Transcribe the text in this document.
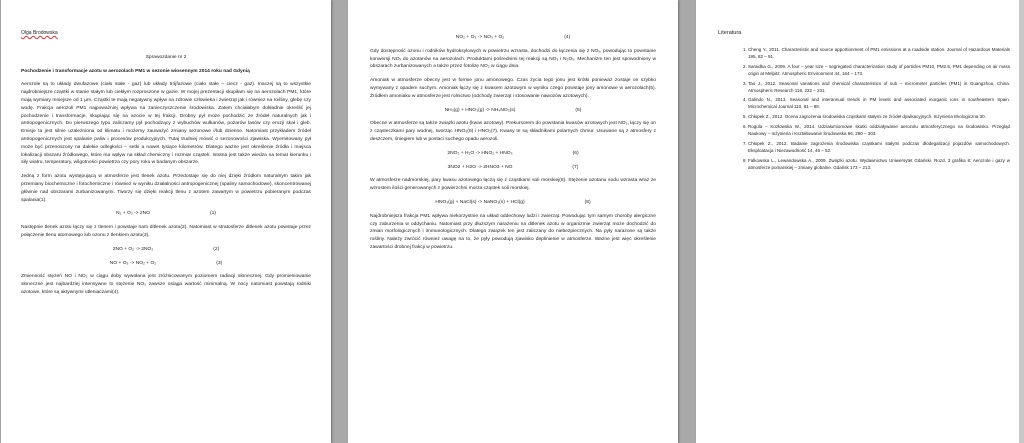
Olga Brodowska
Sprawozdanie nr 2
Pochodzenie i transformacje azotu w aerozolach PM1 w sezonie wiosennym 2014 roku nad Gdynią

Aerozole są to układy dwufazowe (ciało stałe - gaz) lub układy trójfazowe (ciało stałe – ciecz - gaz). Inaczej są to wszystkie najdrobniejsze cząstki w stanie stałym lub ciekłym rozproszone w gazie. W mojej prezentacji skupiłam się na aerozolach PM1, które mają wymiary mniejsze od 1 µm. Cząstki te mają negatywny wpływ na zdrowie człowieka i zwierząt jak i równiez na rośliny, glebę czy wodę. Frakcja aerozoli PM1 najpoważniej wpływa na zanieczyszczenie środowiska. Zatem chciałabym dokładnie określić jej pochodzenie i transformacje, skupiając się na azocie w tej frakcji. Drobny pył może pochodzić ze źródeł naturalnych jak i antropogenicznych. Do pierwszego typu zaliczamy pył pochodzący z wybuchów wulkanów, pożarów lasów czy erozji skał i gleb. Emisje ta jest silnie uzależniona od klimatu i możemy zauważyć zmiany sezonowe i/lub dzienne. Natomiast przykładem źródeł antropogenicznych jest spalanie paliw i procesów produkcyjnych. Tutaj trudniej mówić o sezonowości zjawiska. Wyemitowany pył może być przenoszony na dalekie odległości – setki a nawet tysiące kilometrów. Dlatego ważne jest określenie źródła i miejsca lokalizacji obszaru źródłowego, które ma wpływ na skład chemiczny i rozmiar cząstek. Istotna jest także wiedza na temat kierunku i siły wiatru, temperatury, wilgotności powietrza czy pory roku w badanym obszarze.

Jedną z form azotu występującą w atmosferze jest tlenek azotu. Przedostaje się do niej dzięki źródłom naturalnym takim jak przemiany biochemiczne i fotochemiczne i również w wyniku działalności antropogenicznej (spaliny samochodowe), skoncentrowanej głównie nad obszarami zurbanizowanymi. Tworzy się dzięki reakcji tlenu z azotem zawartym w powietrzu pobieranym podczas spalania(1).

N₂ + O₂ -> 2NO	(1)

Następnie tlenek azotu łączy się z tlenem i powstaje nam ditlenek azotu(2). Natomiast w stratosferze ditlenek azotu powstaje przez połączenie tlenu atomowego lub ozonu z tlenkiem azotu(3).

2NO + O₂ -> 2NO₂	(2)
NO + O₃ -> NO₂ + O₂	(3)

Zmienność stężeń NO i NO₂ w ciągu doby wywołana jest zróżnicowanym poziomem radiacji słonecznej. Gdy promieniowanie słoneczne jest najbardziej intensywne to stężenie NO₂ zawsze osiąga wartość minimalną. W nocy natomiast powstają rodniki azotowe, które są aktywnymi utleniaczami(4).

NO₂ + O₃ -> NO₃ + O₂	(4)

Gdy dostępność ozonu i rodników hydroksylowych w powietrzu wzrasta, dochodzi do łączenia się z NOₓ, powodując to powstanie konwersji NOₓ do azotanów na aerozolach. Produktami pośrednimi tej reakcji są NO₃ i N₂O₅. Mechanizm ten jest spowodniony w obszarach zurbanizowanych a także przez fotolizę NO₂ w ciągu dnia.

Amoniak w atmosferze obecny jest w formie jonu amonowego. Czas życia tego jonu jest krótki ponieważ zostaje on szybko wymywany z opadem suchym. Amoniak łączy się z kwasem azotowym w wyniku czego powstaje jony amonowe w aerozolach(5). Źródłem amoniaku w atmosferze jest rolnictwo (odchody zwierząt i stosowanie nawozów azotowych).

NH₃(g) + HNO₃(g) -> NH₄NO₃(s)	(5)

Obecne w atmosferze są także związki azotu (kwas azotowy). Prekursorem do powstania kwasów azotowych jest NO₂, łączy się on z cząsteczkami pary wodnej, tworząc HNO₃(6) i HNO₂(7). Kwasy te są składnikami polarnych chmur. Usuwane są z atmosfery z deszczem, śniegiem lub w postaci suchego opadu aerozoli.

2NO₂ + H₂O -> HNO₂ + HNO₃	(6)
3NO2 + H2O -> 2HNO3 + NO	(7)

W atmosferze nadmorskiej, pary kwasu azotowego łączą się z cząstkami soli morskiej(8). Stężenie azotanu sodu wzrasta wraz ze wzrostem ilości generowanych z powierzchni morza cząstek soli morskiej.

HNO₃(g) + NaCl(s) -> NaNO₃(s) + HCl(g)	(8)

Najdrobniejsza frakcja PM1 wpływa niekorzystnie na układ oddechowy ludzi i zwierząt. Powodując tym samym choroby alergiczne czy zaburzenia w oddychaniu. Natomiast przy dłuższym narażeniu na ditlenek azotu w organizmie zwierząt może dochodzić do zmian morfologicznych i immunologicznych. Dlatego związek ten jest zaliczany do niebezpiecznych. Na pyły narażone są także rośliny. Należy zwrócić również uwagę na to, że pyły powodują zjawisko deplinienie w atmosferze. Ważne jest więc określenie zawartości drobnej frakcji w powietrzu.

Literatura
1. Cheng Y., 2011. Characteristic and source apportionment of PM1 emissions at a roadside station. Journal of Hazardous Materials 195, 82 – 91.
2. Saraidka G., 2009. A four – year size – segregated characterization study of particles PM10, PM2.5, PM1 depending on air mass origin at Melpitz. Atmospheric Environment 44, 164 – 173.
3. Tao J., 2012. Seasonal variations and chemical characteristics of sub – micrometer particles (PM1) in Guangzhou, China. Atmospheric Research 118, 222 – 231.
4. Galindo N., 2013. Seasonal and interannual trends in PM levels and associated inorganic ions in southeastern Spain. Microchemical Journal 110, 81 – 88.
5. Chłopek Z., 2012. Ocena zagrożenia środowiska cząstkami stałymi ze źródeł dywikacyjnych. Inżynieria Ekologiczna 30.
6. Rogula – Kozłowska W., 2014. Udziałumiomowe skutki oddziaływanie aerozolu atmosferycznego na środowisko. Przegląd Naukowy – Inżynieria i Kształtowanie Środowiska 66, 290 – 303.
7. Chłopek Z., 2012. Badanie zagrożenia środowiska cząstkami stałymi podczas dłodegalizacji pojazdów samochodowych. Eksploatacja i Niezawodność 14, 45 – 52.
8. Falkowska L., Lewandowska A., 2009. Związki azotu. Wydawnictwo Uniwersytet Gdański. Rozd. 3 grafika 8: Aerozole i gazy w atmosferze pomarskiej – zmiany globalne. Gdańsk 173 – 213.
